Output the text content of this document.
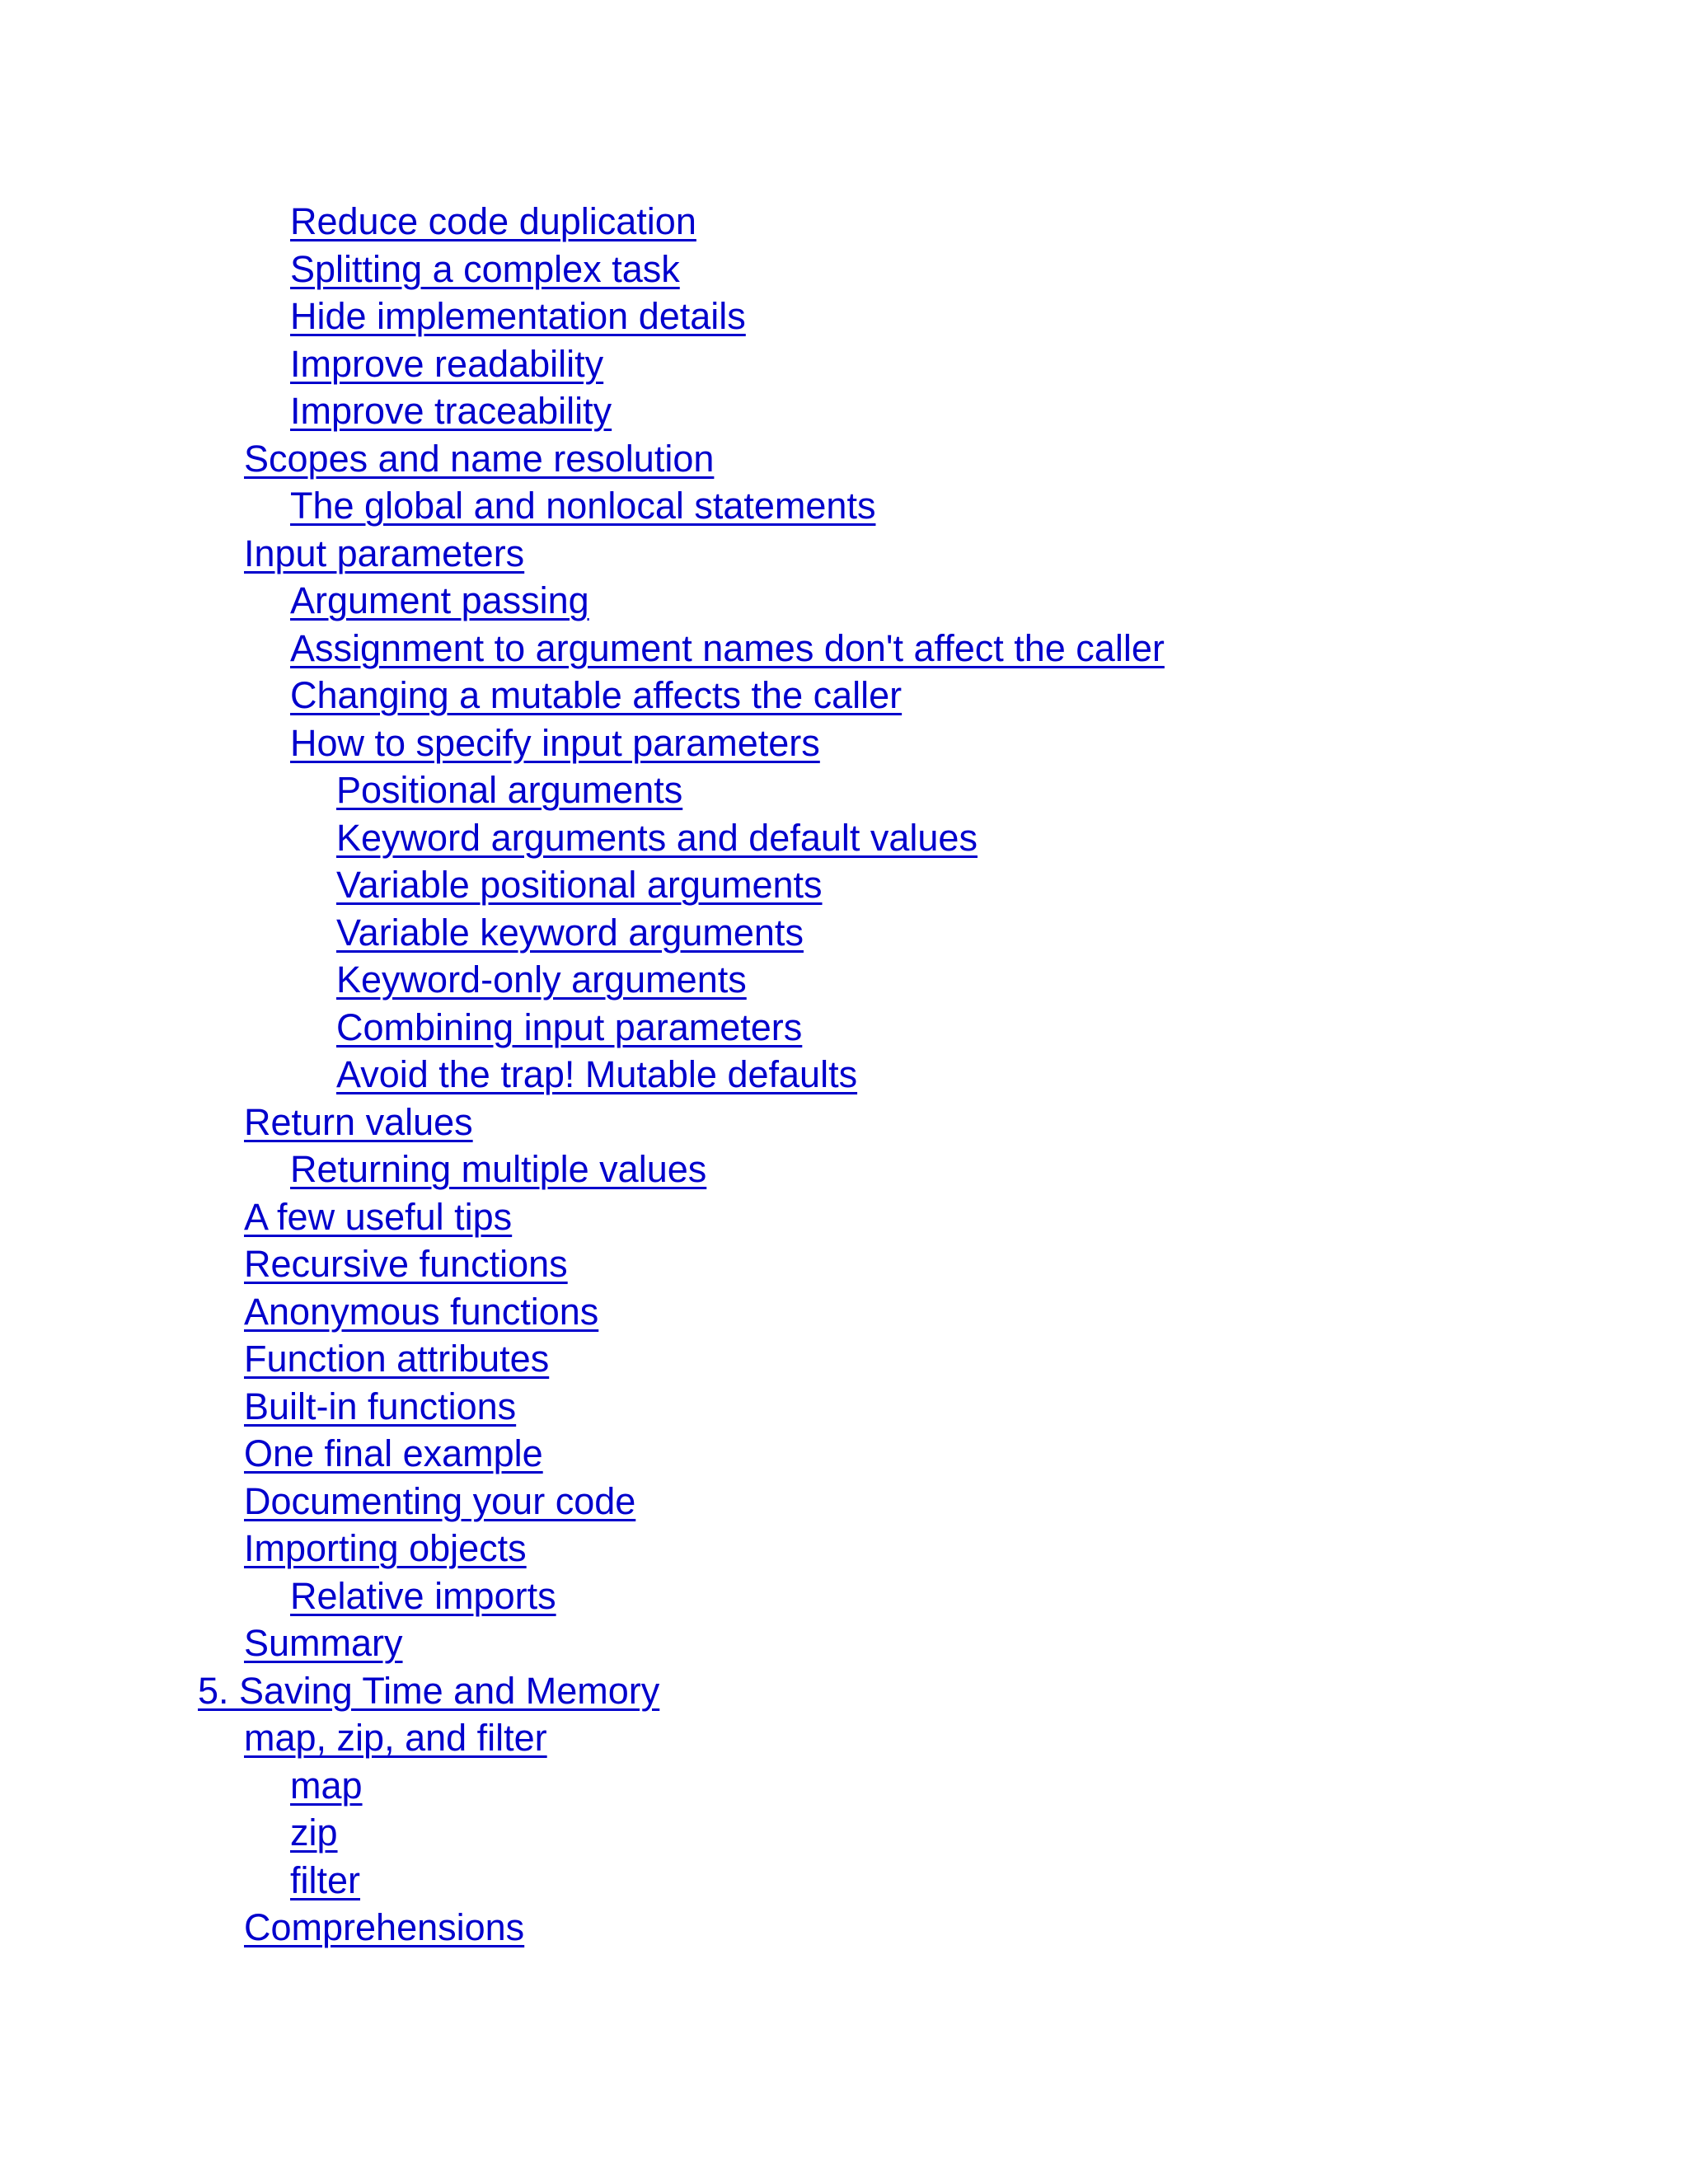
Reduce code duplication
Splitting a complex task
Hide implementation details
Improve readability
Improve traceability
Scopes and name resolution
The global and nonlocal statements
Input parameters
Argument passing
Assignment to argument names don't affect the caller
Changing a mutable affects the caller
How to specify input parameters
Positional arguments
Keyword arguments and default values
Variable positional arguments
Variable keyword arguments
Keyword-only arguments
Combining input parameters
Avoid the trap! Mutable defaults
Return values
Returning multiple values
A few useful tips
Recursive functions
Anonymous functions
Function attributes
Built-in functions
One final example
Documenting your code
Importing objects
Relative imports
Summary
5. Saving Time and Memory
map, zip, and filter
map
zip
filter
Comprehensions
